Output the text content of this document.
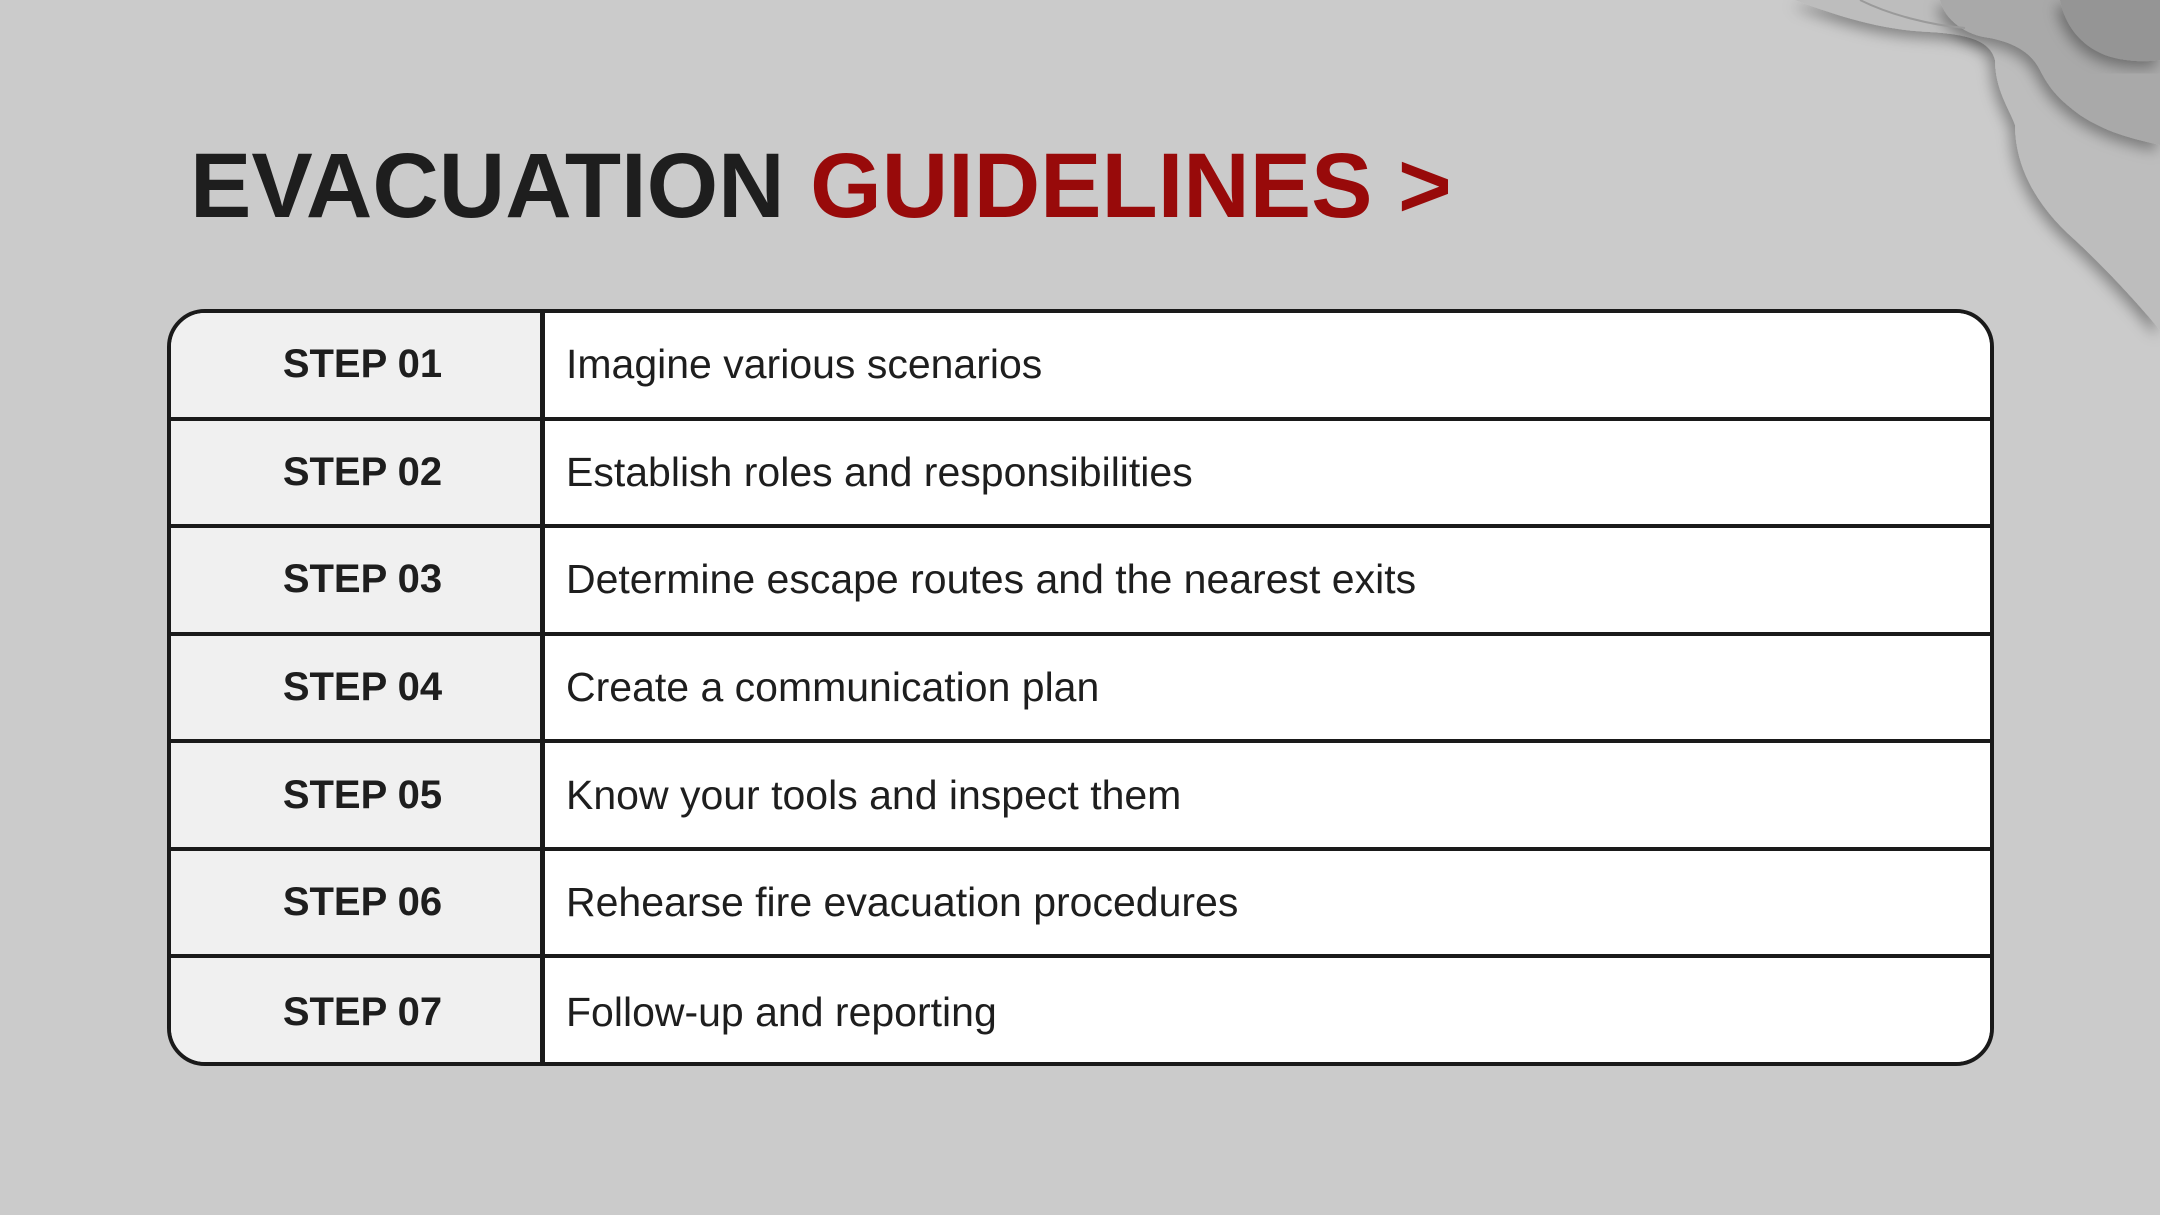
EVACUATION GUIDELINES >
STEP 01	Imagine various scenarios
STEP 02	Establish roles and responsibilities
STEP 03	Determine escape routes and the nearest exits
STEP 04	Create a communication plan
STEP 05	Know your tools and inspect them
STEP 06	Rehearse fire evacuation procedures
STEP 07	Follow-up and reporting
